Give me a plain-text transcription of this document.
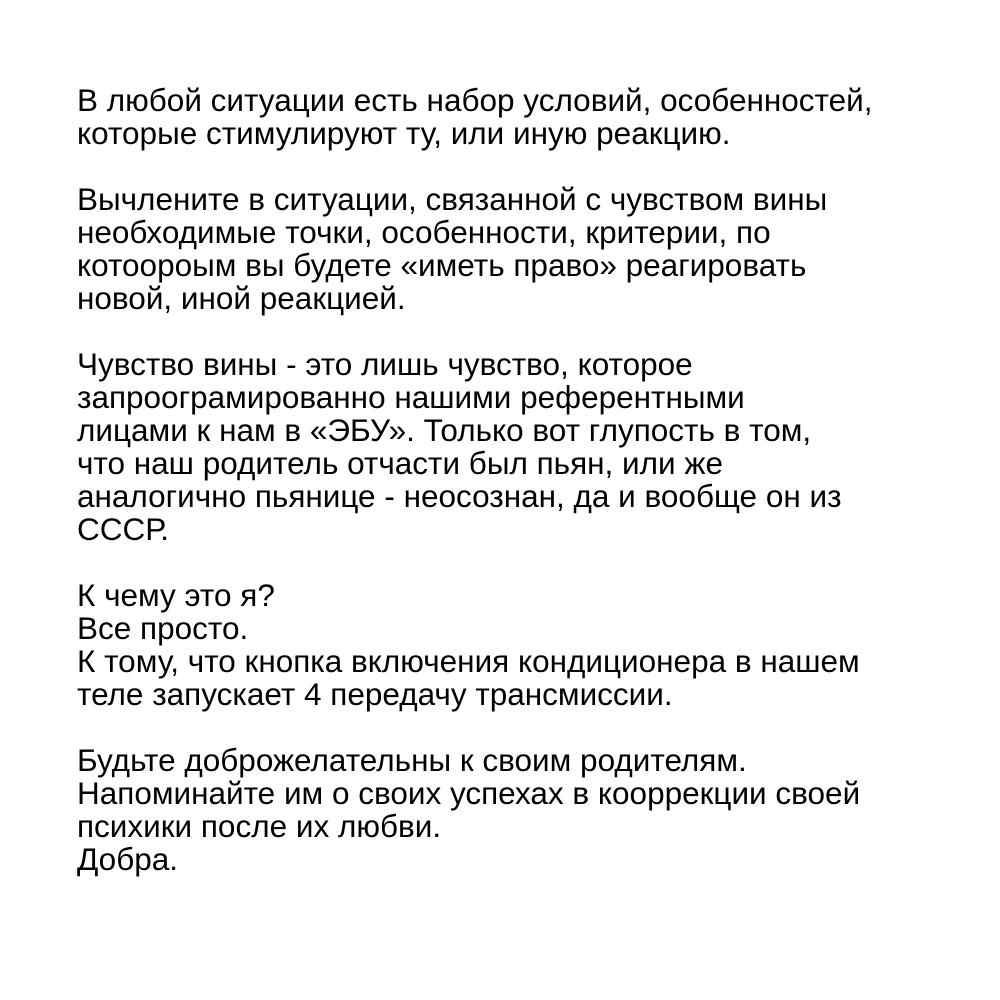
В любой ситуации есть набор условий, особенностей,
которые стимулируют ту, или иную реакцию.

Вычлените в ситуации, связанной с чувством вины
необходимые точки, особенности, критерии, по
котоороым вы будете «иметь право» реагировать
новой, иной реакцией.

Чувство вины - это лишь чувство, которое
запроограмированно нашими референтными
лицами к нам в «ЭБУ». Только вот глупость в том,
что наш родитель отчасти был пьян, или же
аналогично пьянице - неосознан, да и вообще он из
СССР.

К чему это я?
Все просто.
К тому, что кнопка включения кондиционера в нашем
теле запускает 4 передачу трансмиссии.

Будьте доброжелательны к своим родителям.
Напоминайте им о своих успехах в кооррекции своей
психики после их любви.
Добра.
